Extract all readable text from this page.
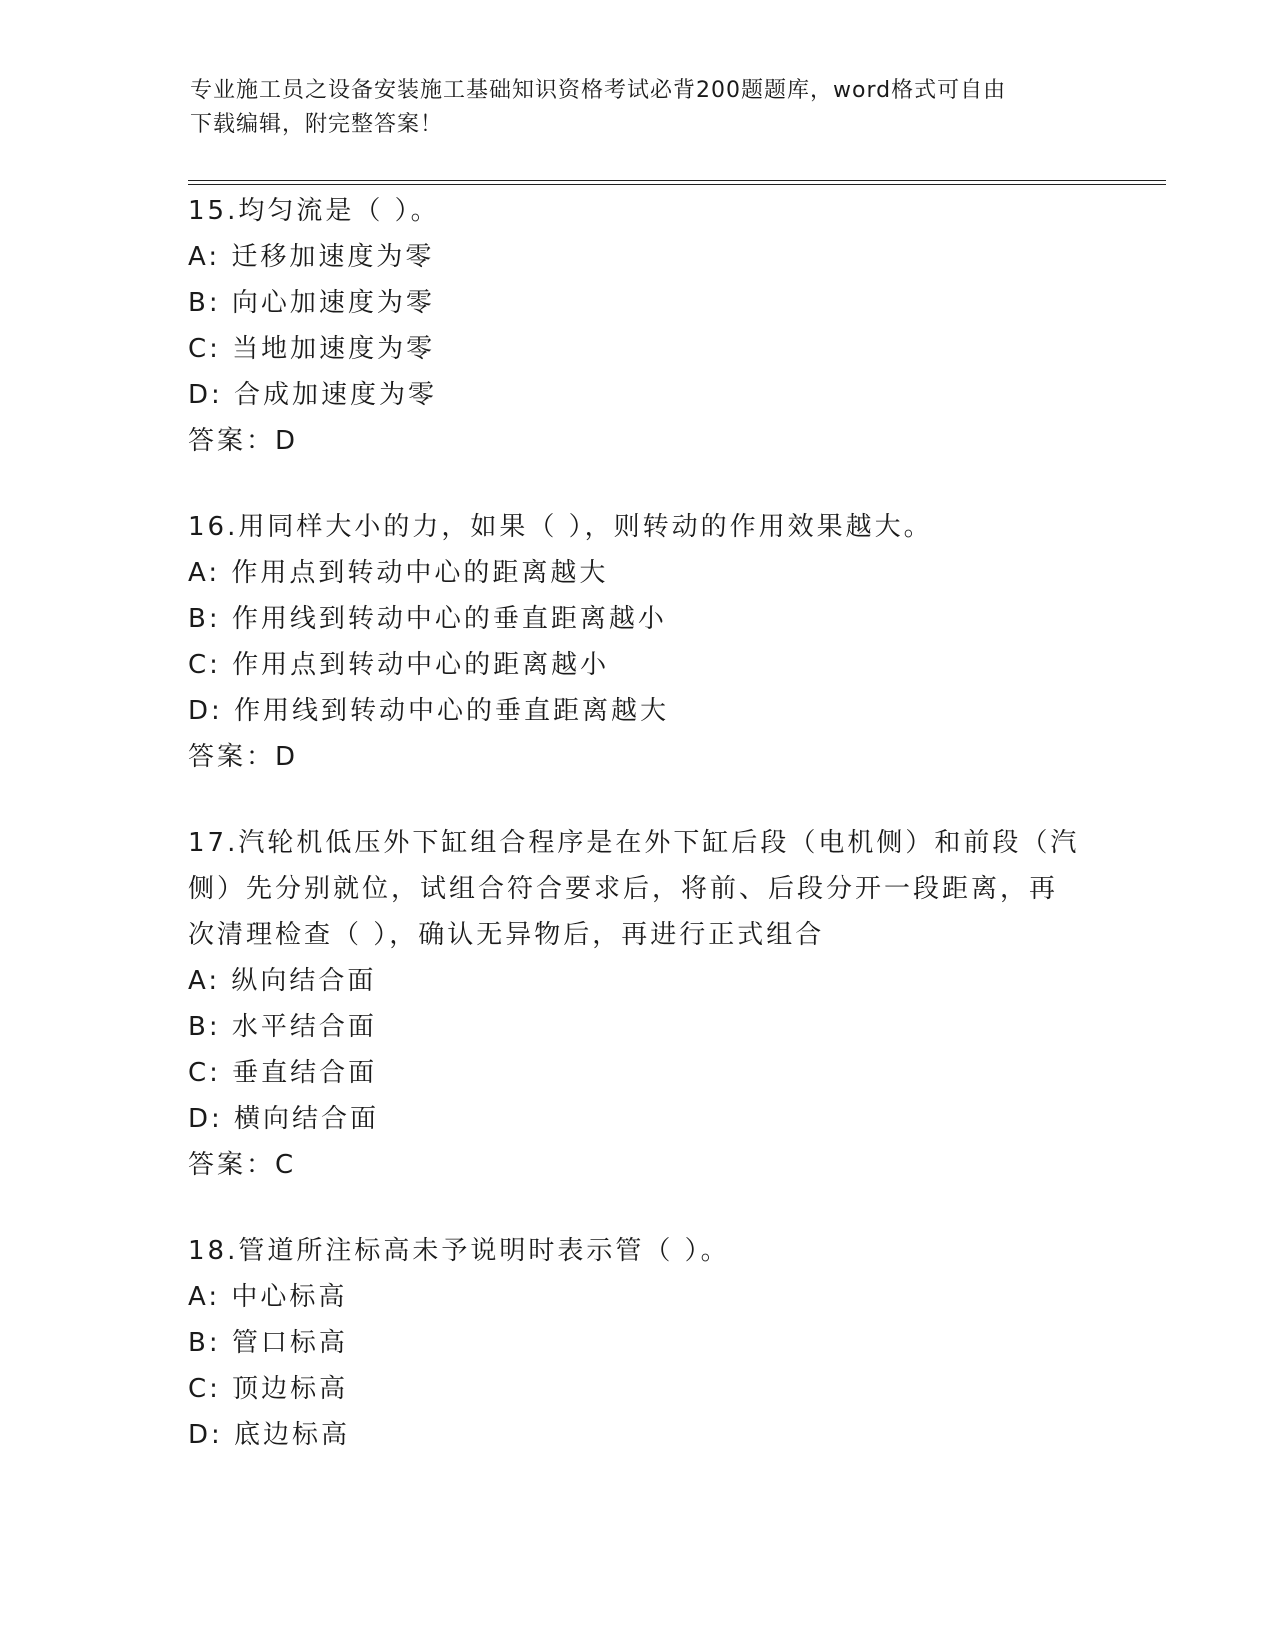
专业施工员之设备安装施工基础知识资格考试必背200题题库，word格式可自由
下载编辑，附完整答案！
15.均匀流是（ ）。
A: 迁移加速度为零
B: 向心加速度为零
C: 当地加速度为零
D: 合成加速度为零
答案：D
16.用同样大小的力，如果（ ），则转动的作用效果越大。
A: 作用点到转动中心的距离越大
B: 作用线到转动中心的垂直距离越小
C: 作用点到转动中心的距离越小
D: 作用线到转动中心的垂直距离越大
答案：D
17.汽轮机低压外下缸组合程序是在外下缸后段（电机侧）和前段（汽
侧）先分别就位，试组合符合要求后，将前、后段分开一段距离，再
次清理检查（ ），确认无异物后，再进行正式组合
A: 纵向结合面
B: 水平结合面
C: 垂直结合面
D: 横向结合面
答案：C
18.管道所注标高未予说明时表示管（ ）。
A: 中心标高
B: 管口标高
C: 顶边标高
D: 底边标高
